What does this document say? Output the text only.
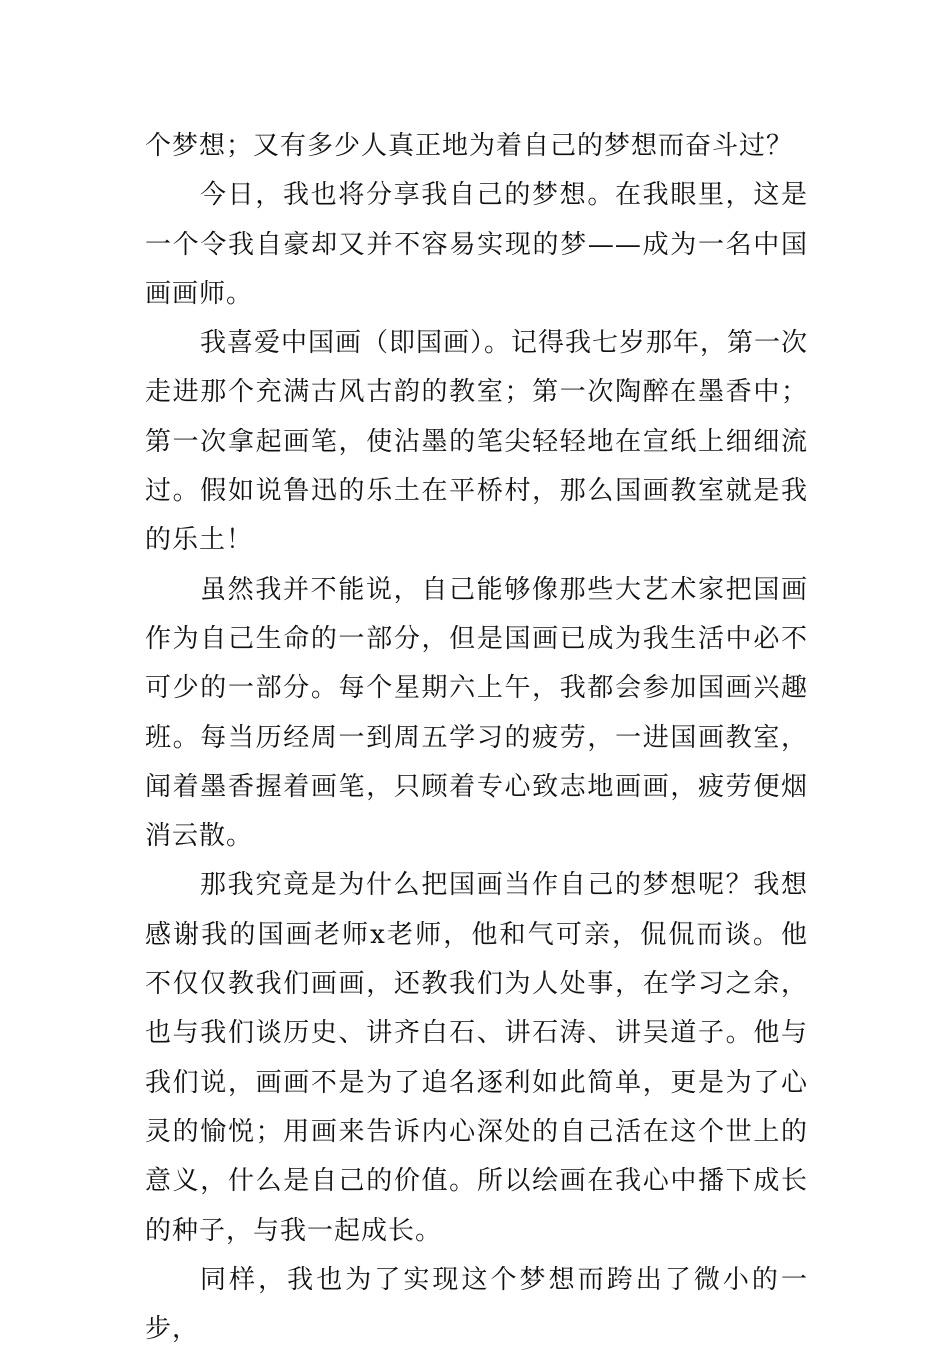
个梦想；又有多少人真正地为着自己的梦想而奋斗过？

今日，我也将分享我自己的梦想。在我眼里，这是一个令我自豪却又并不容易实现的梦——成为一名中国画画师。

我喜爱中国画（即国画）。记得我七岁那年，第一次走进那个充满古风古韵的教室；第一次陶醉在墨香中；第一次拿起画笔，使沾墨的笔尖轻轻地在宣纸上细细流过。假如说鲁迅的乐土在平桥村，那么国画教室就是我的乐土！

虽然我并不能说，自己能够像那些大艺术家把国画作为自己生命的一部分，但是国画已成为我生活中必不可少的一部分。每个星期六上午，我都会参加国画兴趣班。每当历经周一到周五学习的疲劳，一进国画教室，闻着墨香握着画笔，只顾着专心致志地画画，疲劳便烟消云散。

那我究竟是为什么把国画当作自己的梦想呢？我想感谢我的国画老师x老师，他和气可亲，侃侃而谈。他不仅仅教我们画画，还教我们为人处事，在学习之余，也与我们谈历史、讲齐白石、讲石涛、讲吴道子。他与我们说，画画不是为了追名逐利如此简单，更是为了心灵的愉悦；用画来告诉内心深处的自己活在这个世上的意义，什么是自己的价值。所以绘画在我心中播下成长的种子，与我一起成长。

同样，我也为了实现这个梦想而跨出了微小的一步，
